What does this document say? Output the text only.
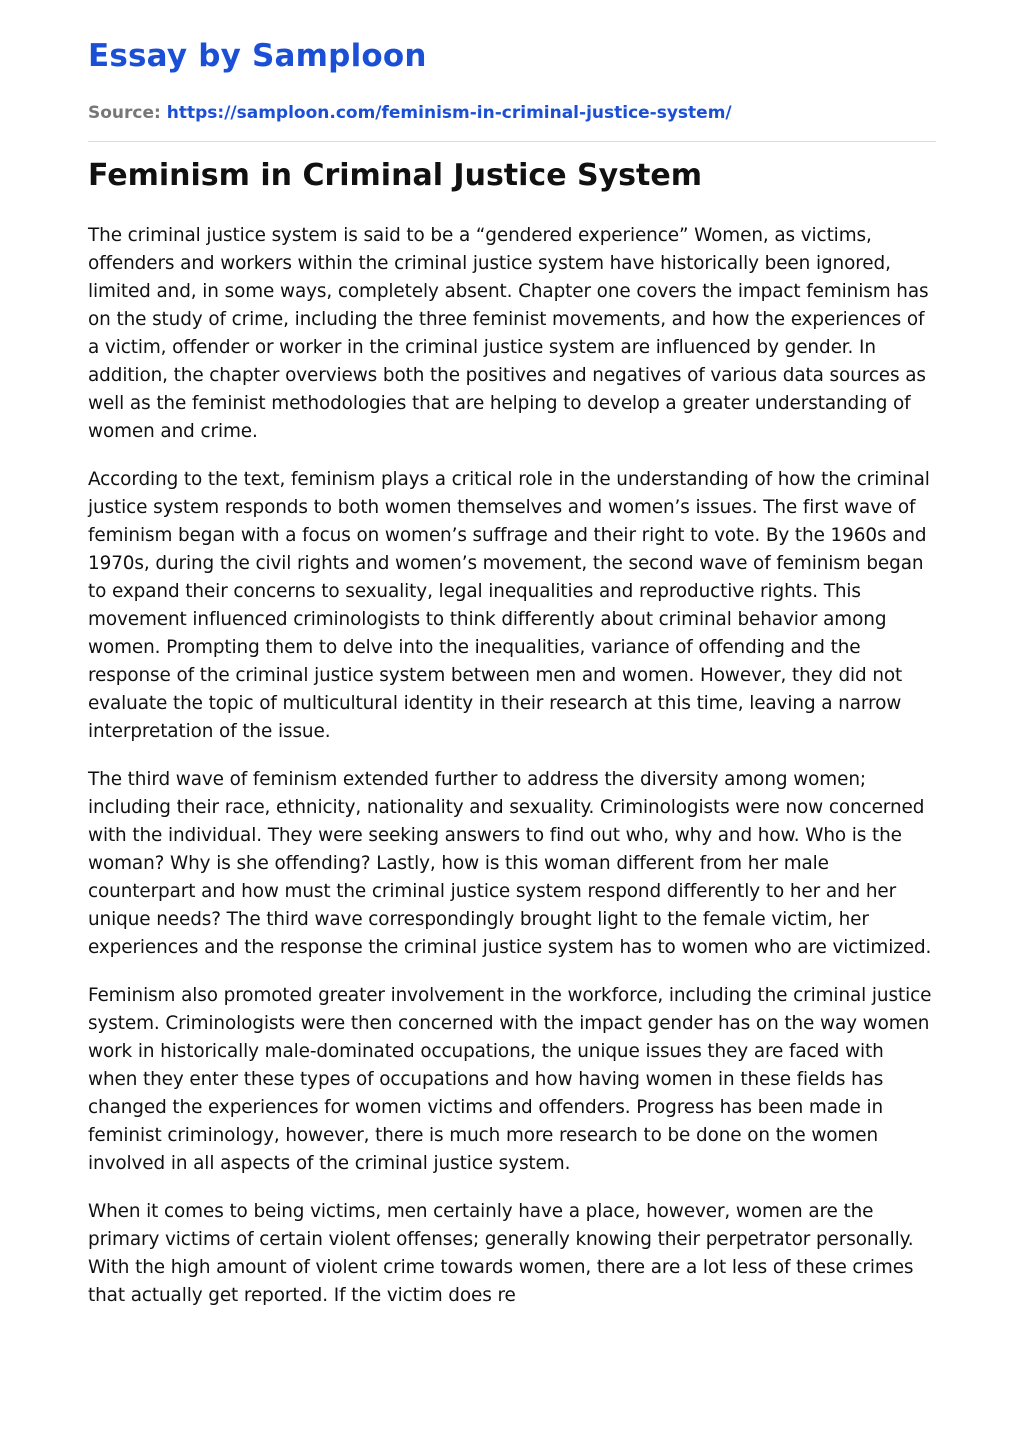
Essay by Samploon
Source: https://samploon.com/feminism-in-criminal-justice-system/
Feminism in Criminal Justice System

The criminal justice system is said to be a “gendered experience” Women, as victims, offenders and workers within the criminal justice system have historically been ignored, limited and, in some ways, completely absent. Chapter one covers the impact feminism has on the study of crime, including the three feminist movements, and how the experiences of a victim, offender or worker in the criminal justice system are influenced by gender. In addition, the chapter overviews both the positives and negatives of various data sources as well as the feminist methodologies that are helping to develop a greater understanding of women and crime.

According to the text, feminism plays a critical role in the understanding of how the criminal justice system responds to both women themselves and women’s issues. The first wave of feminism began with a focus on women’s suffrage and their right to vote. By the 1960s and 1970s, during the civil rights and women’s movement, the second wave of feminism began to expand their concerns to sexuality, legal inequalities and reproductive rights. This movement influenced criminologists to think differently about criminal behavior among women. Prompting them to delve into the inequalities, variance of offending and the response of the criminal justice system between men and women. However, they did not evaluate the topic of multicultural identity in their research at this time, leaving a narrow interpretation of the issue.

The third wave of feminism extended further to address the diversity among women; including their race, ethnicity, nationality and sexuality. Criminologists were now concerned with the individual. They were seeking answers to find out who, why and how. Who is the woman? Why is she offending? Lastly, how is this woman different from her male counterpart and how must the criminal justice system respond differently to her and her unique needs? The third wave correspondingly brought light to the female victim, her experiences and the response the criminal justice system has to women who are victimized.

Feminism also promoted greater involvement in the workforce, including the criminal justice system. Criminologists were then concerned with the impact gender has on the way women work in historically male-dominated occupations, the unique issues they are faced with when they enter these types of occupations and how having women in these fields has changed the experiences for women victims and offenders. Progress has been made in feminist criminology, however, there is much more research to be done on the women involved in all aspects of the criminal justice system.

When it comes to being victims, men certainly have a place, however, women are the primary victims of certain violent offenses; generally knowing their perpetrator personally. With the high amount of violent crime towards women, there are a lot less of these crimes that actually get reported. If the victim does re
